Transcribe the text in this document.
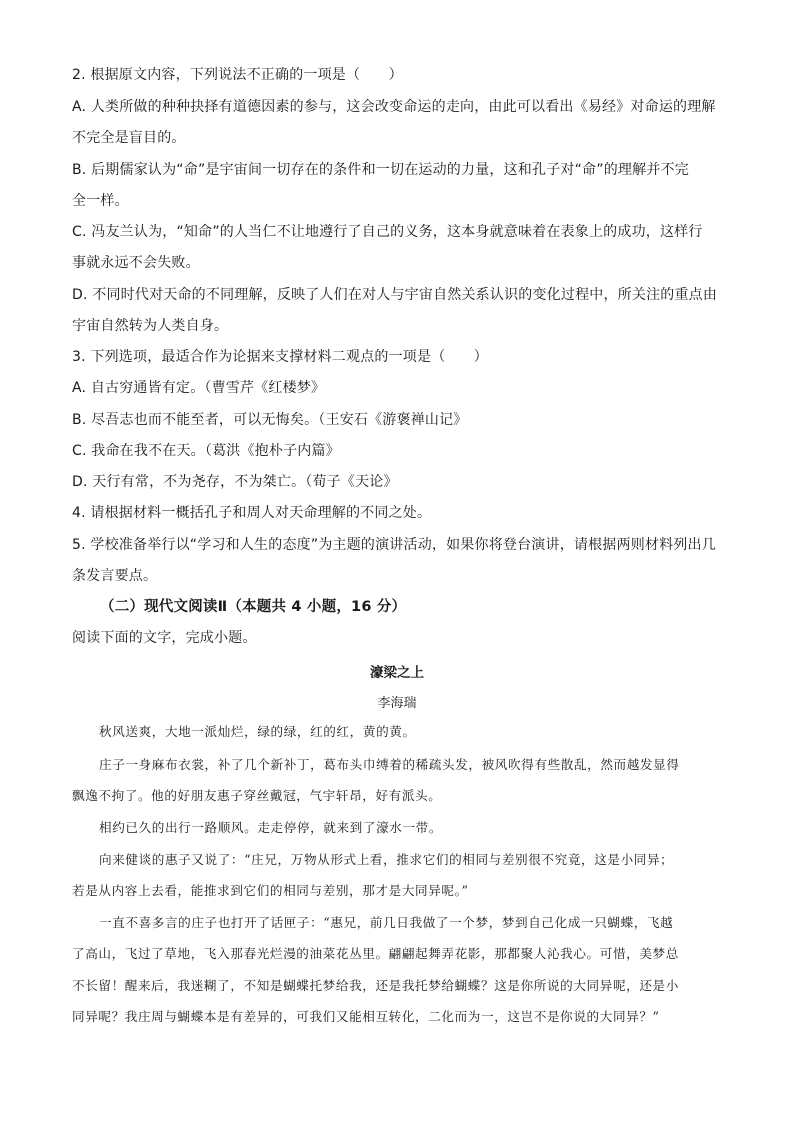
2. 根据原文内容，下列说法不正确的一项是（　　）
A. 人类所做的种种抉择有道德因素的参与，这会改变命运的走向，由此可以看出《易经》对命运的理解
不完全是盲目的。
B. 后期儒家认为“命”是宇宙间一切存在的条件和一切在运动的力量，这和孔子对“命”的理解并不完
全一样。
C. 冯友兰认为，“知命”的人当仁不让地遵行了自己的义务，这本身就意味着在表象上的成功，这样行
事就永远不会失败。
D. 不同时代对天命的不同理解，反映了人们在对人与宇宙自然关系认识的变化过程中，所关注的重点由
宇宙自然转为人类自身。
3. 下列选项，最适合作为论据来支撑材料二观点的一项是（　　）
A. 自古穷通皆有定。（曹雪芹《红楼梦》
B. 尽吾志也而不能至者，可以无悔矣。（王安石《游褒禅山记》
C. 我命在我不在天。（葛洪《抱朴子内篇》
D. 天行有常，不为尧存，不为桀亡。（荀子《天论》
4. 请根据材料一概括孔子和周人对天命理解的不同之处。
5. 学校准备举行以“学习和人生的态度”为主题的演讲活动，如果你将登台演讲，请根据两则材料列出几
条发言要点。
（二）现代文阅读Ⅱ（本题共 4 小题，16 分）
阅读下面的文字，完成小题。
濠梁之上
李海瑞
秋风送爽，大地一派灿烂，绿的绿，红的红，黄的黄。
庄子一身麻布衣裳，补了几个新补丁，葛布头巾缚着的稀疏头发，被风吹得有些散乱，然而越发显得
飘逸不拘了。他的好朋友惠子穿丝戴冠，气宇轩昂，好有派头。
相约已久的出行一路顺风。走走停停，就来到了濠水一带。
向来健谈的惠子又说了：“庄兄，万物从形式上看，推求它们的相同与差别很不究竟，这是小同异；
若是从内容上去看，能推求到它们的相同与差别，那才是大同异呢。”
一直不喜多言的庄子也打开了话匣子：“惠兄，前几日我做了一个梦，梦到自己化成一只蝴蝶，飞越
了高山，飞过了草地，飞入那春光烂漫的油菜花丛里。翩翩起舞弄花影，那都聚人沁我心。可惜，美梦总
不长留！醒来后，我迷糊了，不知是蝴蝶托梦给我，还是我托梦给蝴蝶？这是你所说的大同异呢，还是小
同异呢？我庄周与蝴蝶本是有差异的，可我们又能相互转化，二化而为一，这岂不是你说的大同异？”
